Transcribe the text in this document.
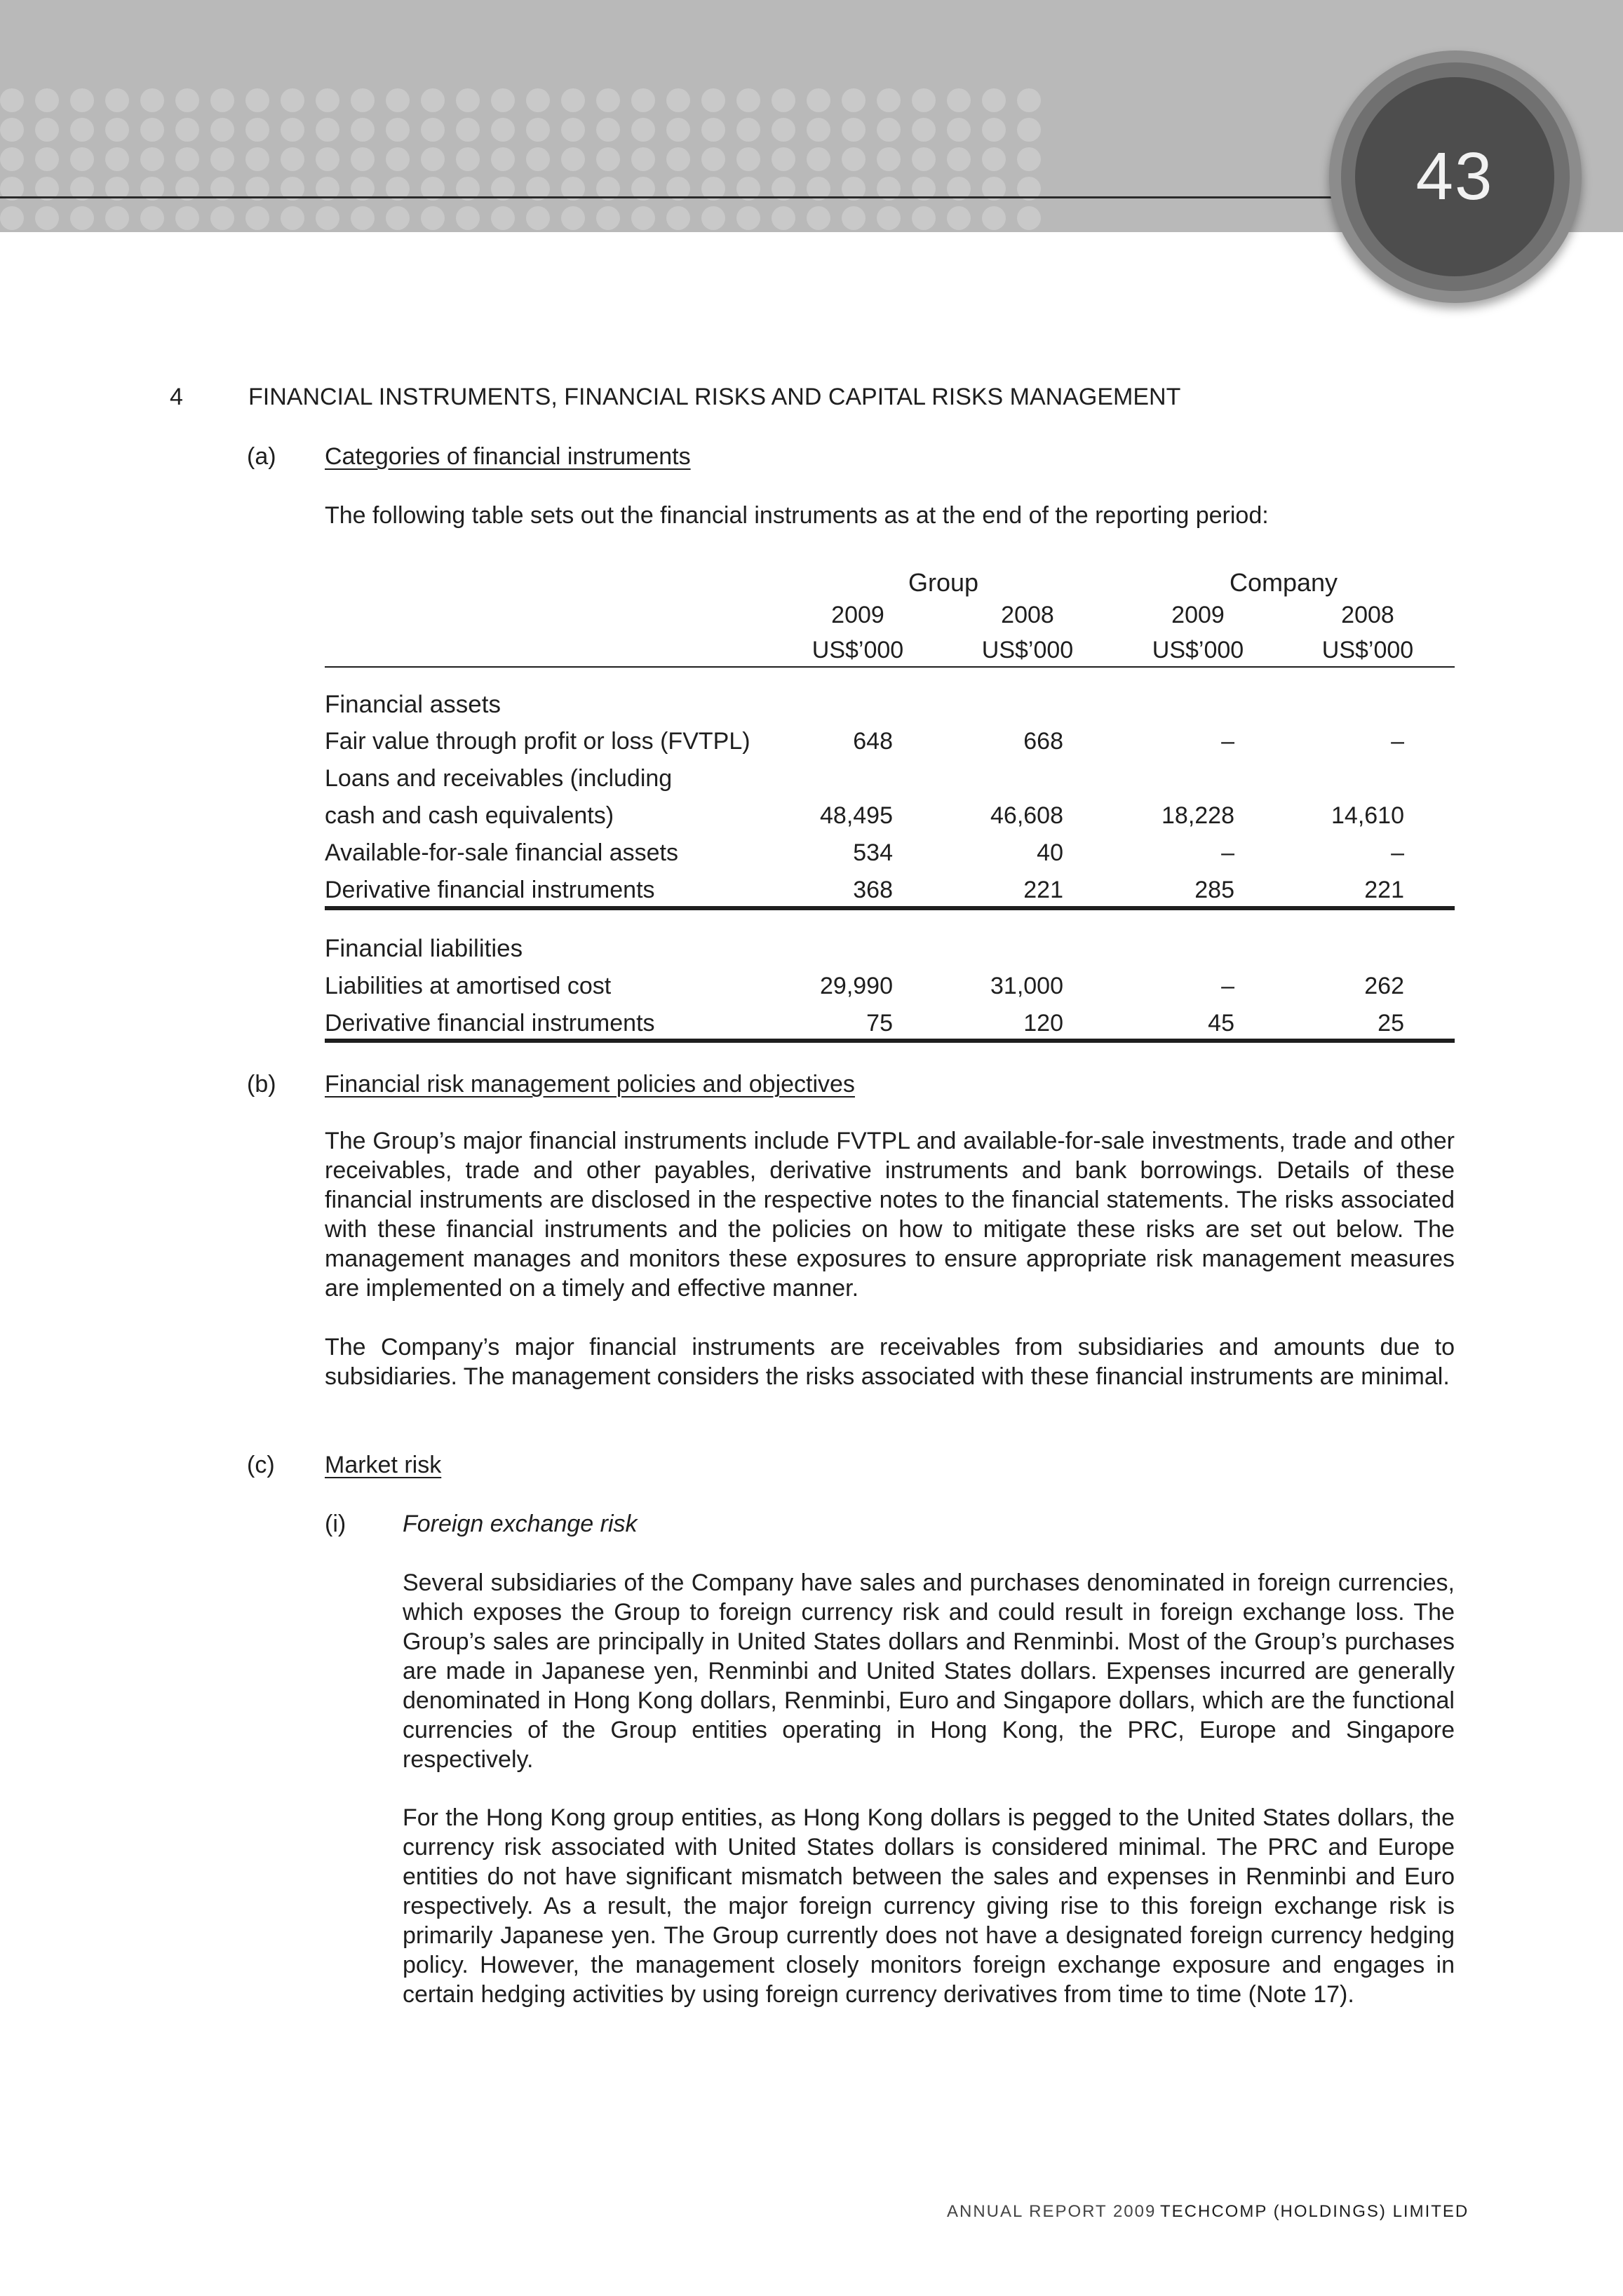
43
4	FINANCIAL INSTRUMENTS, FINANCIAL RISKS AND CAPITAL RISKS MANAGEMENT
(a) Categories of financial instruments
The following table sets out the financial instruments as at the end of the reporting period:
Group	Company
2009	2008	2009	2008
US$’000	US$’000	US$’000	US$’000
Financial assets
Fair value through profit or loss (FVTPL)	648	668	–	–
Loans and receivables (including
cash and cash equivalents)	48,495	46,608	18,228	14,610
Available-for-sale financial assets	534	40	–	–
Derivative financial instruments	368	221	285	221
Financial liabilities
Liabilities at amortised cost	29,990	31,000	–	262
Derivative financial instruments	75	120	45	25
(b) Financial risk management policies and objectives
The Group’s major financial instruments include FVTPL and available-for-sale investments, trade and other receivables, trade and other payables, derivative instruments and bank borrowings. Details of these financial instruments are disclosed in the respective notes to the financial statements. The risks associated with these financial instruments and the policies on how to mitigate these risks are set out below. The management manages and monitors these exposures to ensure appropriate risk management measures are implemented on a timely and effective manner.
The Company’s major financial instruments are receivables from subsidiaries and amounts due to subsidiaries. The management considers the risks associated with these financial instruments are minimal.
(c) Market risk
(i) Foreign exchange risk
Several subsidiaries of the Company have sales and purchases denominated in foreign currencies, which exposes the Group to foreign currency risk and could result in foreign exchange loss. The Group’s sales are principally in United States dollars and Renminbi. Most of the Group’s purchases are made in Japanese yen, Renminbi and United States dollars. Expenses incurred are generally denominated in Hong Kong dollars, Renminbi, Euro and Singapore dollars, which are the functional currencies of the Group entities operating in Hong Kong, the PRC, Europe and Singapore respectively.
For the Hong Kong group entities, as Hong Kong dollars is pegged to the United States dollars, the currency risk associated with United States dollars is considered minimal. The PRC and Europe entities do not have significant mismatch between the sales and expenses in Renminbi and Euro respectively. As a result, the major foreign currency giving rise to this foreign exchange risk is primarily Japanese yen. The Group currently does not have a designated foreign currency hedging policy. However, the management closely monitors foreign exchange exposure and engages in certain hedging activities by using foreign currency derivatives from time to time (Note 17).
ANNUAL REPORT 2009 TECHCOMP (HOLDINGS) LIMITED
